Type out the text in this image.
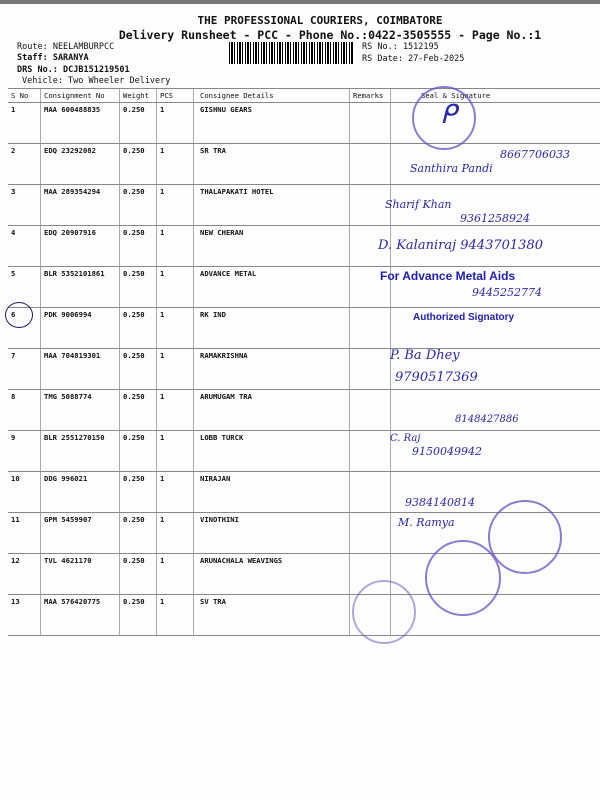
THE PROFESSIONAL COURIERS, COIMBATORE
Delivery Runsheet - PCC - Phone No.:0422-3505555 - Page No.:1
Route: NEELAMBURPCC
Staff: SARANYA
DRS No.: DCJB151219501
Vehicle: Two Wheeler Delivery
RS No.: 1512195
RS Date: 27-Feb-2025
S No	Consignment No	Weight	PCS	Consignee Details	Remarks	Seal & Signature
1	MAA 600488835	0.250	1	GISHNU GEARS		
2	EDQ 23292082	0.250	1	SR TRA		
3	MAA 289354294	0.250	1	THALAPAKATI HOTEL		
4	EDQ 20907916	0.250	1	NEW CHERAN		
5	BLR 5352101861	0.250	1	ADVANCE METAL		
6	PDK 9006994	0.250	1	RK IND		
7	MAA 704819301	0.250	1	RAMAKRISHNA		
8	TMG 5088774	0.250	1	ARUMUGAM TRA		
9	BLR 2551270150	0.250	1	LOBB TURCK		
10	DDG 996021	0.250	1	NIRAJAN		
11	GPM 5459907	0.250	1	VINOTHINI		
12	TVL 4621170	0.250	1	ARUNACHALA WEAVINGS		
13	MAA 576420775	0.250	1	SV TRA		
ᑭ
8667706033
Santhira Pandi
Sharif Khan
9361258924
D. Kalaniraj 9443701380
For Advance Metal Aids
9445252774
Authorized Signatory
P. Ba Dhey
9790517369
8148427886
C. Raj
9150049942
9384140814
M. Ramya
